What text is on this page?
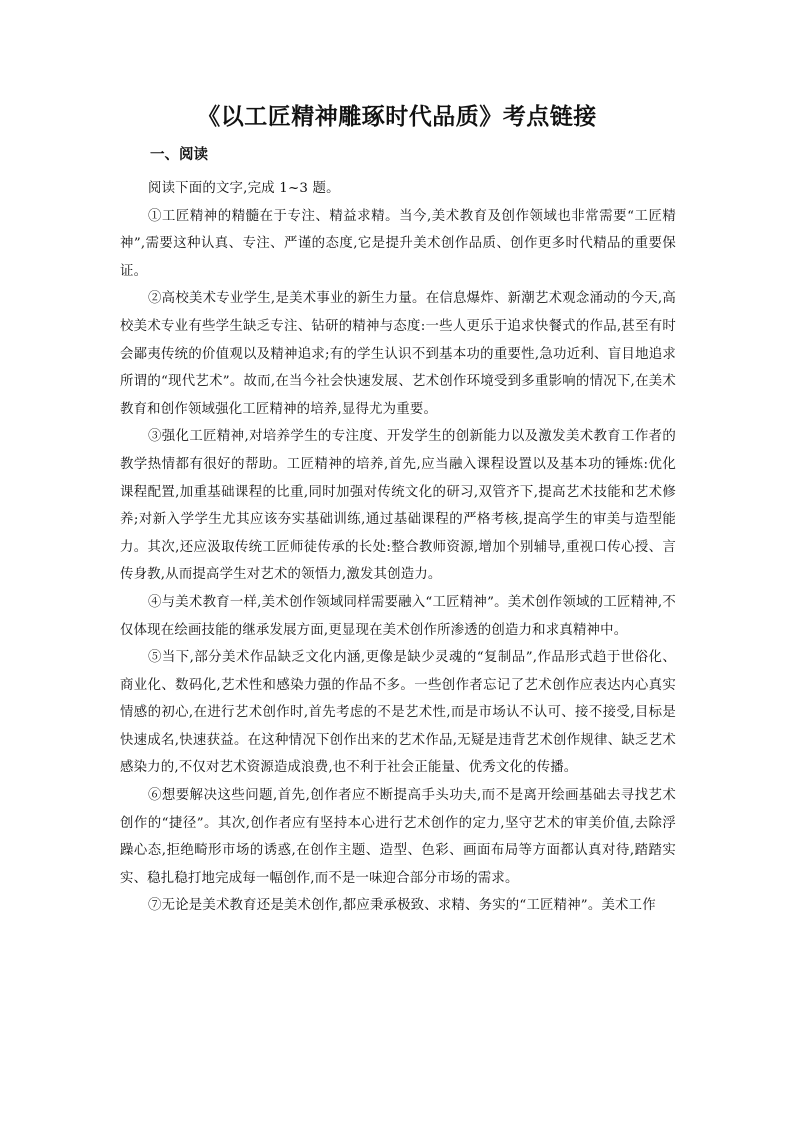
《以工匠精神雕琢时代品质》考点链接
一、阅读

阅读下面的文字,完成 1~3 题。

①工匠精神的精髓在于专注、精益求精。当今,美术教育及创作领域也非常需要“工匠精神”,需要这种认真、专注、严谨的态度,它是提升美术创作品质、创作更多时代精品的重要保证。

②高校美术专业学生,是美术事业的新生力量。在信息爆炸、新潮艺术观念涌动的今天,高校美术专业有些学生缺乏专注、钻研的精神与态度:一些人更乐于追求快餐式的作品,甚至有时会鄙夷传统的价值观以及精神追求;有的学生认识不到基本功的重要性,急功近利、盲目地追求所谓的“现代艺术”。故而,在当今社会快速发展、艺术创作环境受到多重影响的情况下,在美术教育和创作领域强化工匠精神的培养,显得尤为重要。

③强化工匠精神,对培养学生的专注度、开发学生的创新能力以及激发美术教育工作者的教学热情都有很好的帮助。工匠精神的培养,首先,应当融入课程设置以及基本功的锤炼:优化课程配置,加重基础课程的比重,同时加强对传统文化的研习,双管齐下,提高艺术技能和艺术修养;对新入学学生尤其应该夯实基础训练,通过基础课程的严格考核,提高学生的审美与造型能力。其次,还应汲取传统工匠师徒传承的长处:整合教师资源,增加个别辅导,重视口传心授、言传身教,从而提高学生对艺术的领悟力,激发其创造力。

④与美术教育一样,美术创作领域同样需要融入“工匠精神”。美术创作领域的工匠精神,不仅体现在绘画技能的继承发展方面,更显现在美术创作所渗透的创造力和求真精神中。

⑤当下,部分美术作品缺乏文化内涵,更像是缺少灵魂的“复制品”,作品形式趋于世俗化、商业化、数码化,艺术性和感染力强的作品不多。一些创作者忘记了艺术创作应表达内心真实情感的初心,在进行艺术创作时,首先考虑的不是艺术性,而是市场认不认可、接不接受,目标是快速成名,快速获益。在这种情况下创作出来的艺术作品,无疑是违背艺术创作规律、缺乏艺术感染力的,不仅对艺术资源造成浪费,也不利于社会正能量、优秀文化的传播。

⑥想要解决这些问题,首先,创作者应不断提高手头功夫,而不是离开绘画基础去寻找艺术创作的“捷径”。其次,创作者应有坚持本心进行艺术创作的定力,坚守艺术的审美价值,去除浮躁心态,拒绝畸形市场的诱惑,在创作主题、造型、色彩、画面布局等方面都认真对待,踏踏实实、稳扎稳打地完成每一幅创作,而不是一味迎合部分市场的需求。

⑦无论是美术教育还是美术创作,都应秉承极致、求精、务实的“工匠精神”。美术工作
